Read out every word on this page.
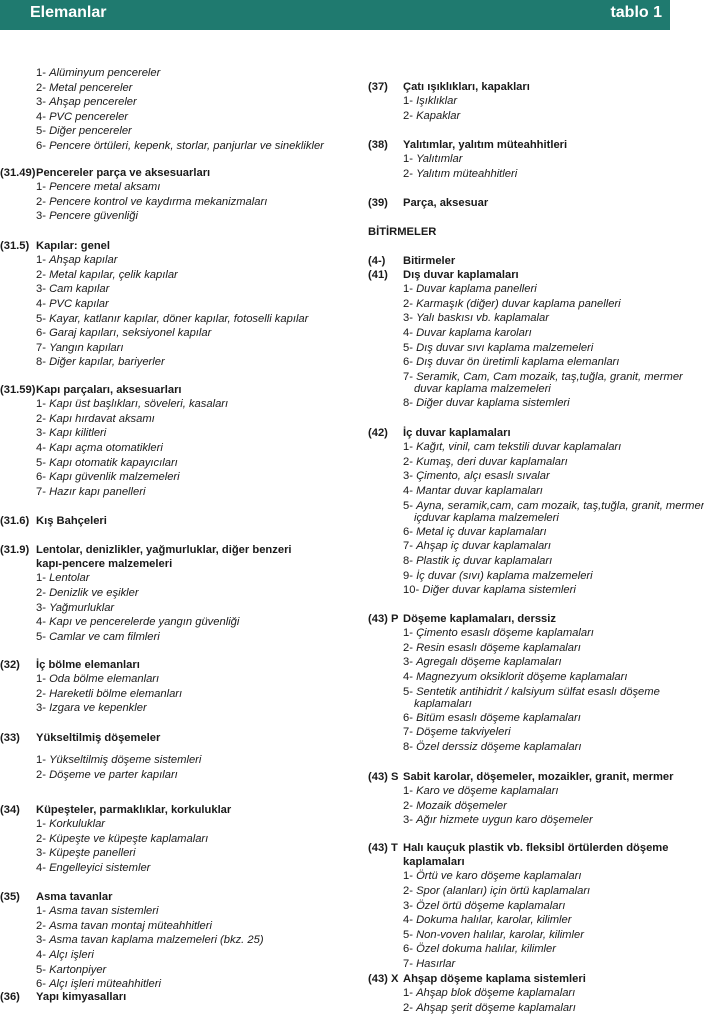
Elemanlar	tablo 1
1- Alüminyum pencereler
2- Metal pencereler
3- Ahşap pencereler
4- PVC pencereler
5- Diğer pencereler
6- Pencere örtüleri, kepenk, storlar, panjurlar ve sineklikler
(31.49) Pencereler parça ve aksesuarları
1- Pencere metal aksamı
2- Pencere kontrol ve kaydırma mekanizmaları
3- Pencere güvenliği
(31.5) Kapılar: genel
1- Ahşap kapılar
2- Metal kapılar, çelik kapılar
3- Cam kapılar
4- PVC kapılar
5- Kayar, katlanır kapılar, döner kapılar, fotoselli kapılar
6- Garaj kapıları, seksiyonel kapılar
7- Yangın kapıları
8- Diğer kapılar, bariyerler
(31.59) Kapı parçaları, aksesuarları
1- Kapı üst başlıkları, söveleri, kasaları
2- Kapı hırdavat aksamı
3- Kapı kilitleri
4- Kapı açma otomatikleri
5- Kapı otomatik kapayıcıları
6- Kapı güvenlik malzemeleri
7- Hazır kapı panelleri
(31.6) Kış Bahçeleri
(31.9) Lentolar, denizlikler, yağmurluklar, diğer benzeri
kapı-pencere malzemeleri
1- Lentolar
2- Denizlik ve eşikler
3- Yağmurluklar
4- Kapı ve pencerelerde yangın güvenliği
5- Camlar ve cam filmleri
(32) İç bölme elemanları
1- Oda bölme elemanları
2- Hareketli bölme elemanları
3- Izgara ve kepenkler
(33) Yükseltilmiş döşemeler
1- Yükseltilmiş döşeme sistemleri
2- Döşeme ve parter kapıları
(34) Küpeşteler, parmaklıklar, korkuluklar
1- Korkuluklar
2- Küpeşte ve küpeşte kaplamaları
3- Küpeşte panelleri
4- Engelleyici sistemler
(35) Asma tavanlar
1- Asma tavan sistemleri
2- Asma tavan montaj müteahhitleri
3- Asma tavan kaplama malzemeleri (bkz. 25)
4- Alçı işleri
5- Kartonpiyer
6- Alçı işleri müteahhitleri
(36) Yapı kimyasalları
(37) Çatı ışıklıkları, kapakları
1- Işıklıklar
2- Kapaklar
(38) Yalıtımlar, yalıtım müteahhitleri
1- Yalıtımlar
2- Yalıtım müteahhitleri
(39) Parça, aksesuar
BİTİRMELER
(4-) Bitirmeler
(41) Dış duvar kaplamaları
1- Duvar kaplama panelleri
2- Karmaşık (diğer) duvar kaplama panelleri
3- Yalı baskısı vb. kaplamalar
4- Duvar kaplama karoları
5- Dış duvar sıvı kaplama malzemeleri
6- Dış duvar ön üretimli kaplama elemanları
7- Seramik, Cam, Cam mozaik, taş,tuğla, granit, mermer
duvar kaplama malzemeleri
8- Diğer duvar kaplama sistemleri
(42) İç duvar kaplamaları
1- Kağıt, vinil, cam tekstili duvar kaplamaları
2- Kumaş, deri duvar kaplamaları
3- Çimento, alçı esaslı sıvalar
4- Mantar duvar kaplamaları
5- Ayna, seramik,cam, cam mozaik, taş,tuğla, granit, mermer
içduvar kaplama malzemeleri
6- Metal iç duvar kaplamaları
7- Ahşap iç duvar kaplamaları
8- Plastik iç duvar kaplamaları
9- İç duvar (sıvı) kaplama malzemeleri
10- Diğer duvar kaplama sistemleri
(43) P Döşeme kaplamaları, derssiz
1- Çimento esaslı döşeme kaplamaları
2- Resin esaslı döşeme kaplamaları
3- Agregalı döşeme kaplamaları
4- Magnezyum oksiklorit döşeme kaplamaları
5- Sentetik antihidrit / kalsiyum sülfat esaslı döşeme
kaplamaları
6- Bitüm esaslı döşeme kaplamaları
7- Döşeme takviyeleri
8- Özel derssiz döşeme kaplamaları
(43) S Sabit karolar, döşemeler, mozaikler, granit, mermer
1- Karo ve döşeme kaplamaları
2- Mozaik döşemeler
3- Ağır hizmete uygun karo döşemeler
(43) T Halı kauçuk plastik vb. fleksibl örtülerden döşeme
kaplamaları
1- Örtü ve karo döşeme kaplamaları
2- Spor (alanları) için örtü kaplamaları
3- Özel örtü döşeme kaplamaları
4- Dokuma halılar, karolar, kilimler
5- Non-voven halılar, karolar, kilimler
6- Özel dokuma halılar, kilimler
7- Hasırlar
(43) X Ahşap döşeme kaplama sistemleri
1- Ahşap blok döşeme kaplamaları
2- Ahşap şerit döşeme kaplamaları
